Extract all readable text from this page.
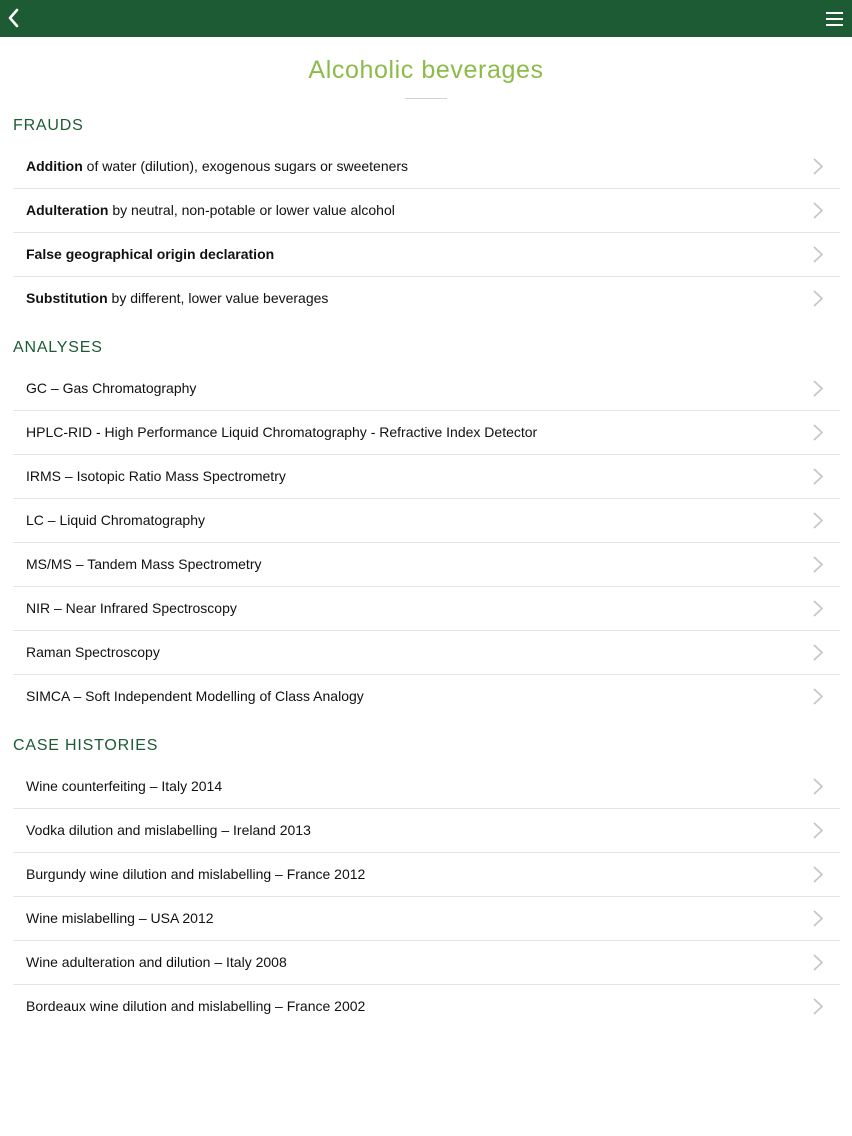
Alcoholic beverages
FRAUDS
Addition of water (dilution), exogenous sugars or sweeteners
Adulteration by neutral, non-potable or lower value alcohol
False geographical origin declaration
Substitution by different, lower value beverages
ANALYSES
GC – Gas Chromatography
HPLC-RID - High Performance Liquid Chromatography - Refractive Index Detector
IRMS – Isotopic Ratio Mass Spectrometry
LC – Liquid Chromatography
MS/MS – Tandem Mass Spectrometry
NIR – Near Infrared Spectroscopy
Raman Spectroscopy
SIMCA – Soft Independent Modelling of Class Analogy
CASE HISTORIES
Wine counterfeiting – Italy 2014
Vodka dilution and mislabelling – Ireland 2013
Burgundy wine dilution and mislabelling – France 2012
Wine mislabelling – USA 2012
Wine adulteration and dilution – Italy 2008
Bordeaux wine dilution and mislabelling – France 2002
